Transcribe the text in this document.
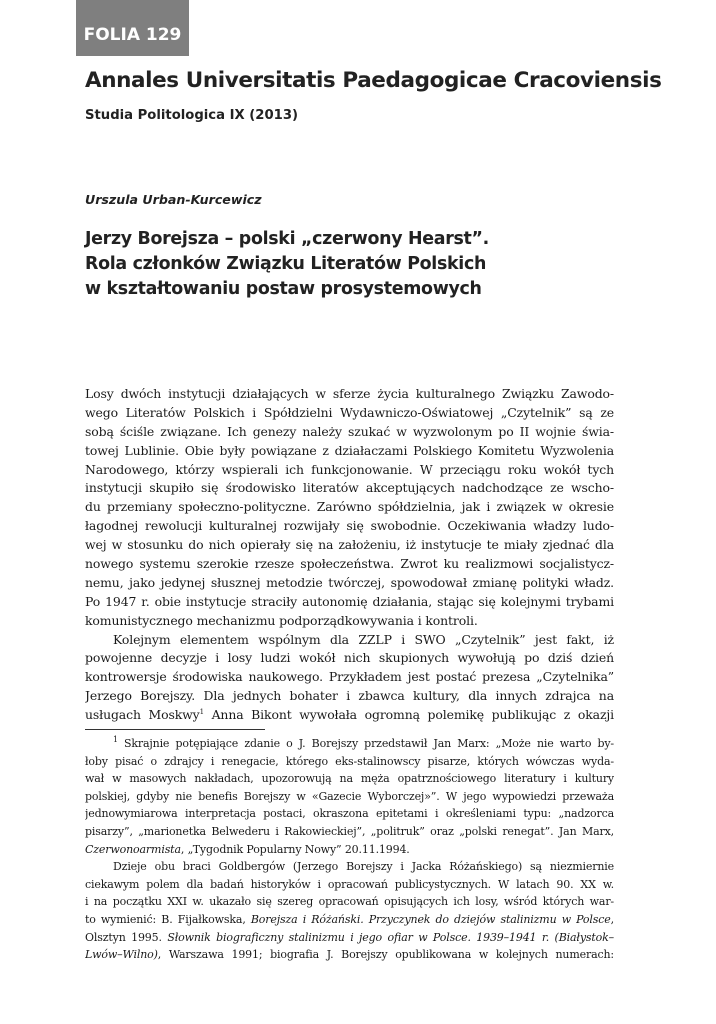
FOLIA 129
Annales Universitatis Paedagogicae Cracoviensis
Studia Politologica IX (2013)
Urszula Urban-Kurcewicz
Jerzy Borejsza – polski „czerwony Hearst”.
Rola członków Związku Literatów Polskich
w kształtowaniu postaw prosystemowych
Losy dwóch instytucji działających w sferze życia kulturalnego Związku Zawodo-
wego Literatów Polskich i Spółdzielni Wydawniczo-Oświatowej „Czytelnik” są ze
sobą ściśle związane. Ich genezy należy szukać w wyzwolonym po II wojnie świa-
towej Lublinie. Obie były powiązane z działaczami Polskiego Komitetu Wyzwolenia
Narodowego, którzy wspierali ich funkcjonowanie. W przeciągu roku wokół tych
instytucji skupiło się środowisko literatów akceptujących nadchodzące ze wscho-
du przemiany społeczno-polityczne. Zarówno spółdzielnia, jak i związek w okresie
łagodnej rewolucji kulturalnej rozwijały się swobodnie. Oczekiwania władzy ludo-
wej w stosunku do nich opierały się na założeniu, iż instytucje te miały zjednać dla
nowego systemu szerokie rzesze społeczeństwa. Zwrot ku realizmowi socjalistycz-
nemu, jako jedynej słusznej metodzie twórczej, spowodował zmianę polityki władz.
Po 1947 r. obie instytucje straciły autonomię działania, stając się kolejnymi trybami
komunistycznego mechanizmu podporządkowywania i kontroli.
Kolejnym elementem wspólnym dla ZZLP i SWO „Czytelnik” jest fakt, iż
powojenne decyzje i losy ludzi wokół nich skupionych wywołują po dziś dzień
kontrowersje środowiska naukowego. Przykładem jest postać prezesa „Czytelnika”
Jerzego Borejszy. Dla jednych bohater i zbawca kultury, dla innych zdrajca na
usługach Moskwy$^1$ Anna Bikont wywołała ogromną polemikę publikując z okazji
$^1$ Skrajnie potępiające zdanie o J. Borejszy przedstawił Jan Marx: „Może nie warto by-
łoby pisać o zdrajcy i renegacie, którego eks-stalinowscy pisarze, których wówczas wyda-
wał w masowych nakładach, upozorowują na męża opatrznościowego literatury i kultury
polskiej, gdyby nie benefis Borejszy w «Gazecie Wyborczej»”. W jego wypowiedzi przeważa
jednowymiarowa interpretacja postaci, okraszona epitetami i określeniami typu: „nadzorca
pisarzy”, „marionetka Belwederu i Rakowieckiej”, „politruk” oraz „polski renegat”. Jan Marx,
Czerwonoarmista, „Tygodnik Popularny Nowy” 20.11.1994.
Dzieje obu braci Goldbergów (Jerzego Borejszy i Jacka Różańskiego) są niezmiernie
ciekawym polem dla badań historyków i opracowań publicystycznych. W latach 90. XX w.
i na początku XXI w. ukazało się szereg opracowań opisujących ich losy, wśród których war-
to wymienić: B. Fijałkowska, Borejsza i Różański. Przyczynek do dziejów stalinizmu w Polsce,
Olsztyn 1995. Słownik biograficzny stalinizmu i jego ofiar w Polsce. 1939–1941 r. (Białystok–
Lwów–Wilno), Warszawa 1991; biografia J. Borejszy opublikowana w kolejnych numerach:
